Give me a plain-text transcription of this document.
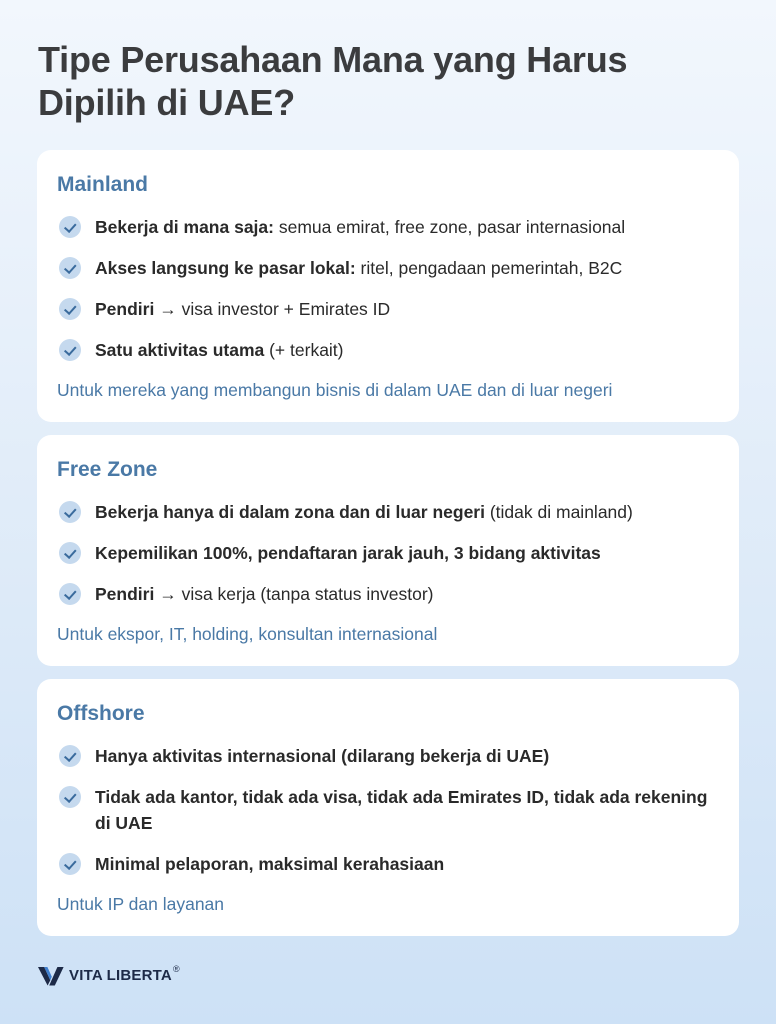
Tipe Perusahaan Mana yang Harus Dipilih di UAE?
Mainland
Bekerja di mana saja: semua emirat, free zone, pasar internasional
Akses langsung ke pasar lokal: ritel, pengadaan pemerintah, B2C
Pendiri → visa investor + Emirates ID
Satu aktivitas utama (+ terkait)

Untuk mereka yang membangun bisnis di dalam UAE dan di luar negeri

Free Zone
Bekerja hanya di dalam zona dan di luar negeri (tidak di mainland)
Kepemilikan 100%, pendaftaran jarak jauh, 3 bidang aktivitas
Pendiri → visa kerja (tanpa status investor)

Untuk ekspor, IT, holding, konsultan internasional

Offshore
Hanya aktivitas internasional (dilarang bekerja di UAE)
Tidak ada kantor, tidak ada visa, tidak ada Emirates ID, tidak ada rekening di UAE
Minimal pelaporan, maksimal kerahasiaan

Untuk IP dan layanan

VITA LIBERTA ®
